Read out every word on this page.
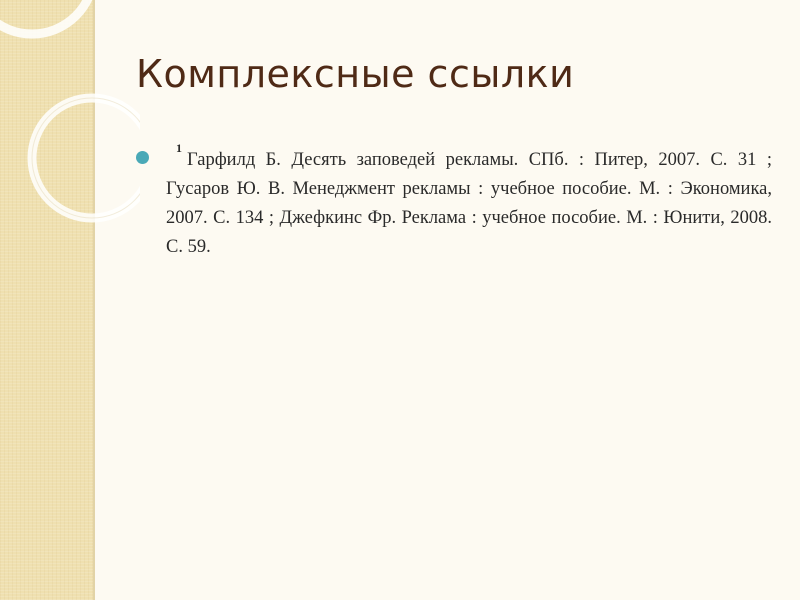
Комплексные ссылки

$^1$Гарфилд Б. Десять заповедей рекламы. СПб. : Питер, 2007. С. 31 ; Гусаров Ю. В. Менеджмент рекламы : учебное пособие. М. : Экономика, 2007. С. 134 ; Джефкинс Фр. Реклама : учебное пособие. М. : Юнити, 2008. С. 59.
